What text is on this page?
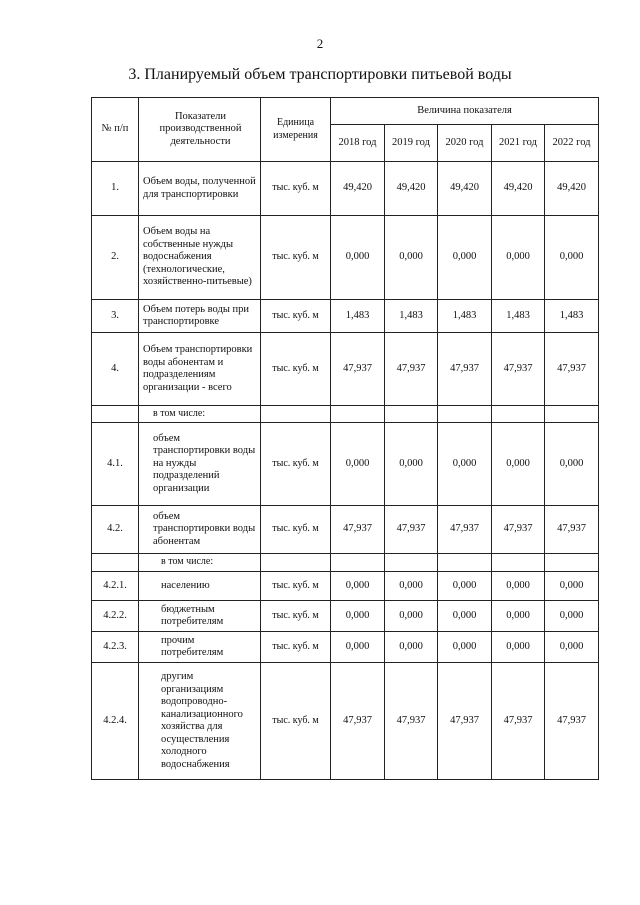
2
3. Планируемый объем транспортировки питьевой воды
№ п/п	Показатели производственной деятельности	Единица измерения	Величина показателя				
			2018 год	2019 год	2020 год	2021 год	2022 год
1.	Объем воды, полученной для транспортировки	тыс. куб. м	49,420	49,420	49,420	49,420	49,420
2.	Объем воды на собственные нужды водоснабжения (технологические, хозяйственно-питьевые)	тыс. куб. м	0,000	0,000	0,000	0,000	0,000
3.	Объем потерь воды при транспортировке	тыс. куб. м	1,483	1,483	1,483	1,483	1,483
4.	Объем транспортировки воды абонентам и подразделениям организации - всего	тыс. куб. м	47,937	47,937	47,937	47,937	47,937
	в том числе:						
4.1.	объем транспортировки воды на нужды подразделений организации	тыс. куб. м	0,000	0,000	0,000	0,000	0,000
4.2.	объем транспортировки воды абонентам	тыс. куб. м	47,937	47,937	47,937	47,937	47,937
	в том числе:						
4.2.1.	населению	тыс. куб. м	0,000	0,000	0,000	0,000	0,000
4.2.2.	бюджетным потребителям	тыс. куб. м	0,000	0,000	0,000	0,000	0,000
4.2.3.	прочим потребителям	тыс. куб. м	0,000	0,000	0,000	0,000	0,000
4.2.4.	другим организациям водопроводно-канализационного хозяйства для осуществления холодного водоснабжения	тыс. куб. м	47,937	47,937	47,937	47,937	47,937
